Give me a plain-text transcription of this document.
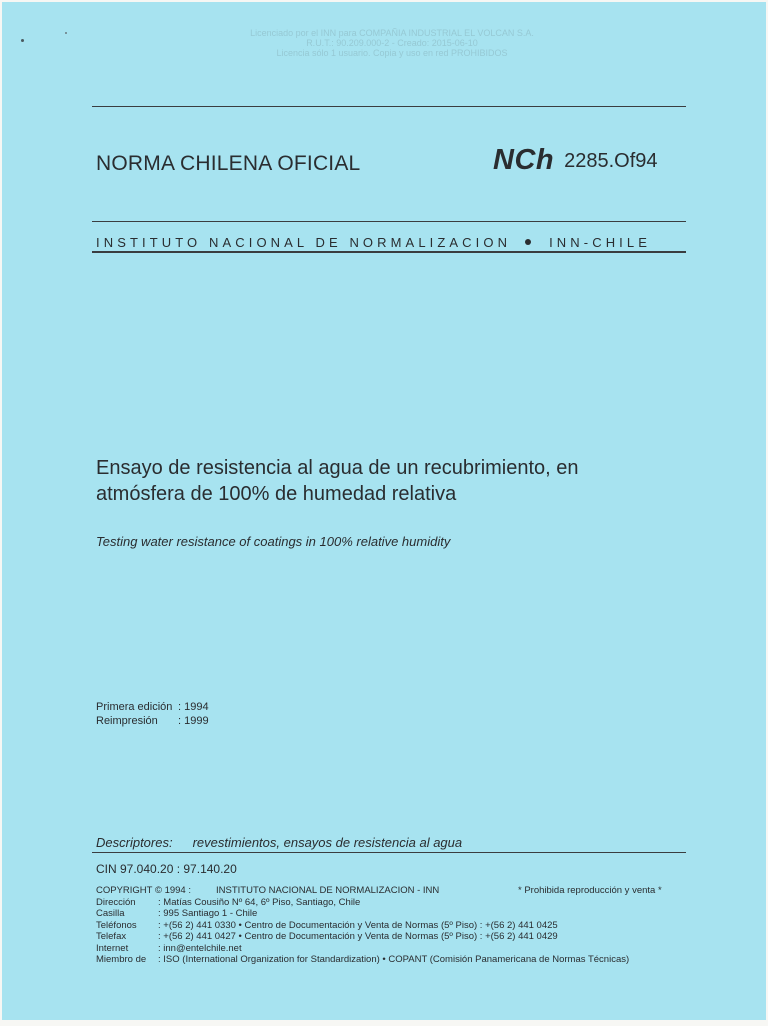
Licenciado por el INN para COMPAÑIA INDUSTRIAL EL VOLCAN S.A.
R.U.T.: 90.209.000-2 - Creado: 2015-06-10
Licencia sólo 1 usuario. Copia y uso en red PROHIBIDOS
NORMA CHILENA OFICIAL	NCh 2285.Of94
INSTITUTO NACIONAL DE NORMALIZACION	INN-CHILE
Ensayo de resistencia al agua de un recubrimiento, en
atmósfera de 100% de humedad relativa
Testing water resistance of coatings in 100% relative humidity
Primera edición : 1994
Reimpresión : 1999
Descriptores: revestimientos, ensayos de resistencia al agua
CIN 97.040.20 : 97.140.20
COPYRIGHT © 1994 :	INSTITUTO NACIONAL DE NORMALIZACION - INN
Dirección : Matías Cousiño Nº 64, 6º Piso, Santiago, Chile
Casilla	: 995 Santiago 1 - Chile
Teléfonos : +(56 2) 441 0330 • Centro de Documentación y Venta de Normas (5º Piso) : +(56 2) 441 0425
Telefax	: +(56 2) 441 0427 • Centro de Documentación y Venta de Normas (5º Piso) : +(56 2) 441 0429
Internet	: inn@entelchile.net
Miembro de : ISO (International Organization for Standardization) • COPANT (Comisión Panamericana de Normas Técnicas)
* Prohibida reproducción y venta *
